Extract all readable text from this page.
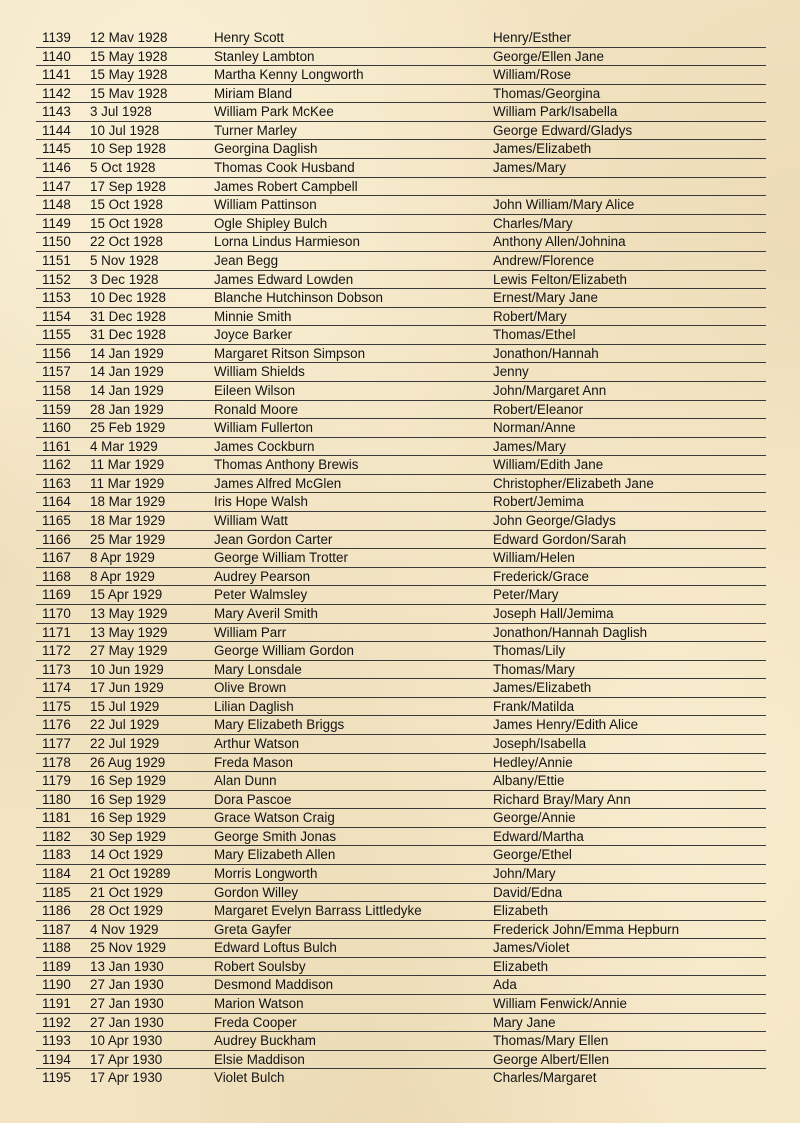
1139 12 Mav 1928	Henry Scott	Henry/Esther
1140 15 May 1928	Stanley Lambton	George/Ellen Jane
1141 15 May 1928	Martha Kenny Longworth	William/Rose
1142 15 Mav 1928	Miriam Bland	Thomas/Georgina
1143 3 Jul 1928	William Park McKee	William Park/Isabella
1144 10 Jul 1928	Turner Marley	George Edward/Gladys
1145 10 Sep 1928	Georgina Daglish	James/Elizabeth
1146 5 Oct 1928	Thomas Cook Husband	James/Mary
1147 17 Sep 1928	James Robert Campbell
1148 15 Oct 1928	William Pattinson	John William/Mary Alice
1149 15 Oct 1928	Ogle Shipley Bulch	Charles/Mary
1150 22 Oct 1928	Lorna Lindus Harmieson	Anthony Allen/Johnina
1151 5 Nov 1928	Jean Begg	Andrew/Florence
1152 3 Dec 1928	James Edward Lowden	Lewis Felton/Elizabeth
1153 10 Dec 1928	Blanche Hutchinson Dobson	Ernest/Mary Jane
1154 31 Dec 1928	Minnie Smith	Robert/Mary
1155 31 Dec 1928	Joyce Barker	Thomas/Ethel
1156 14 Jan 1929	Margaret Ritson Simpson	Jonathon/Hannah
1157 14 Jan 1929	William Shields	Jenny
1158 14 Jan 1929	Eileen Wilson	John/Margaret Ann
1159 28 Jan 1929	Ronald Moore	Robert/Eleanor
1160 25 Feb 1929	William Fullerton	Norman/Anne
1161 4 Mar 1929	James Cockburn	James/Mary
1162 11 Mar 1929	Thomas Anthony Brewis	William/Edith Jane
1163 11 Mar 1929	James Alfred McGlen	Christopher/Elizabeth Jane
1164 18 Mar 1929	Iris Hope Walsh	Robert/Jemima
1165 18 Mar 1929	William Watt	John George/Gladys
1166 25 Mar 1929	Jean Gordon Carter	Edward Gordon/Sarah
1167 8 Apr 1929	George William Trotter	William/Helen
1168 8 Apr 1929	Audrey Pearson	Frederick/Grace
1169 15 Apr 1929	Peter Walmsley	Peter/Mary
1170 13 May 1929	Mary Averil Smith	Joseph Hall/Jemima
1171 13 May 1929	William Parr	Jonathon/Hannah Daglish
1172 27 May 1929	George William Gordon	Thomas/Lily
1173 10 Jun 1929	Mary Lonsdale	Thomas/Mary
1174 17 Jun 1929	Olive Brown	James/Elizabeth
1175 15 Jul 1929	Lilian Daglish	Frank/Matilda
1176 22 Jul 1929	Mary Elizabeth Briggs	James Henry/Edith Alice
1177 22 Jul 1929	Arthur Watson	Joseph/Isabella
1178 26 Aug 1929	Freda Mason	Hedley/Annie
1179 16 Sep 1929	Alan Dunn	Albany/Ettie
1180 16 Sep 1929	Dora Pascoe	Richard Bray/Mary Ann
1181 16 Sep 1929	Grace Watson Craig	George/Annie
1182 30 Sep 1929	George Smith Jonas	Edward/Martha
1183 14 Oct 1929	Mary Elizabeth Allen	George/Ethel
1184 21 Oct 19289	Morris Longworth	John/Mary
1185 21 Oct 1929	Gordon Willey	David/Edna
1186 28 Oct 1929	Margaret Evelyn Barrass Littledyke	Elizabeth
1187 4 Nov 1929	Greta Gayfer	Frederick John/Emma Hepburn
1188 25 Nov 1929	Edward Loftus Bulch	James/Violet
1189 13 Jan 1930	Robert Soulsby	Elizabeth
1190 27 Jan 1930	Desmond Maddison	Ada
1191 27 Jan 1930	Marion Watson	William Fenwick/Annie
1192 27 Jan 1930	Freda Cooper	Mary Jane
1193 10 Apr 1930	Audrey Buckham	Thomas/Mary Ellen
1194 17 Apr 1930	Elsie Maddison	George Albert/Ellen
1195 17 Apr 1930	Violet Bulch	Charles/Margaret
